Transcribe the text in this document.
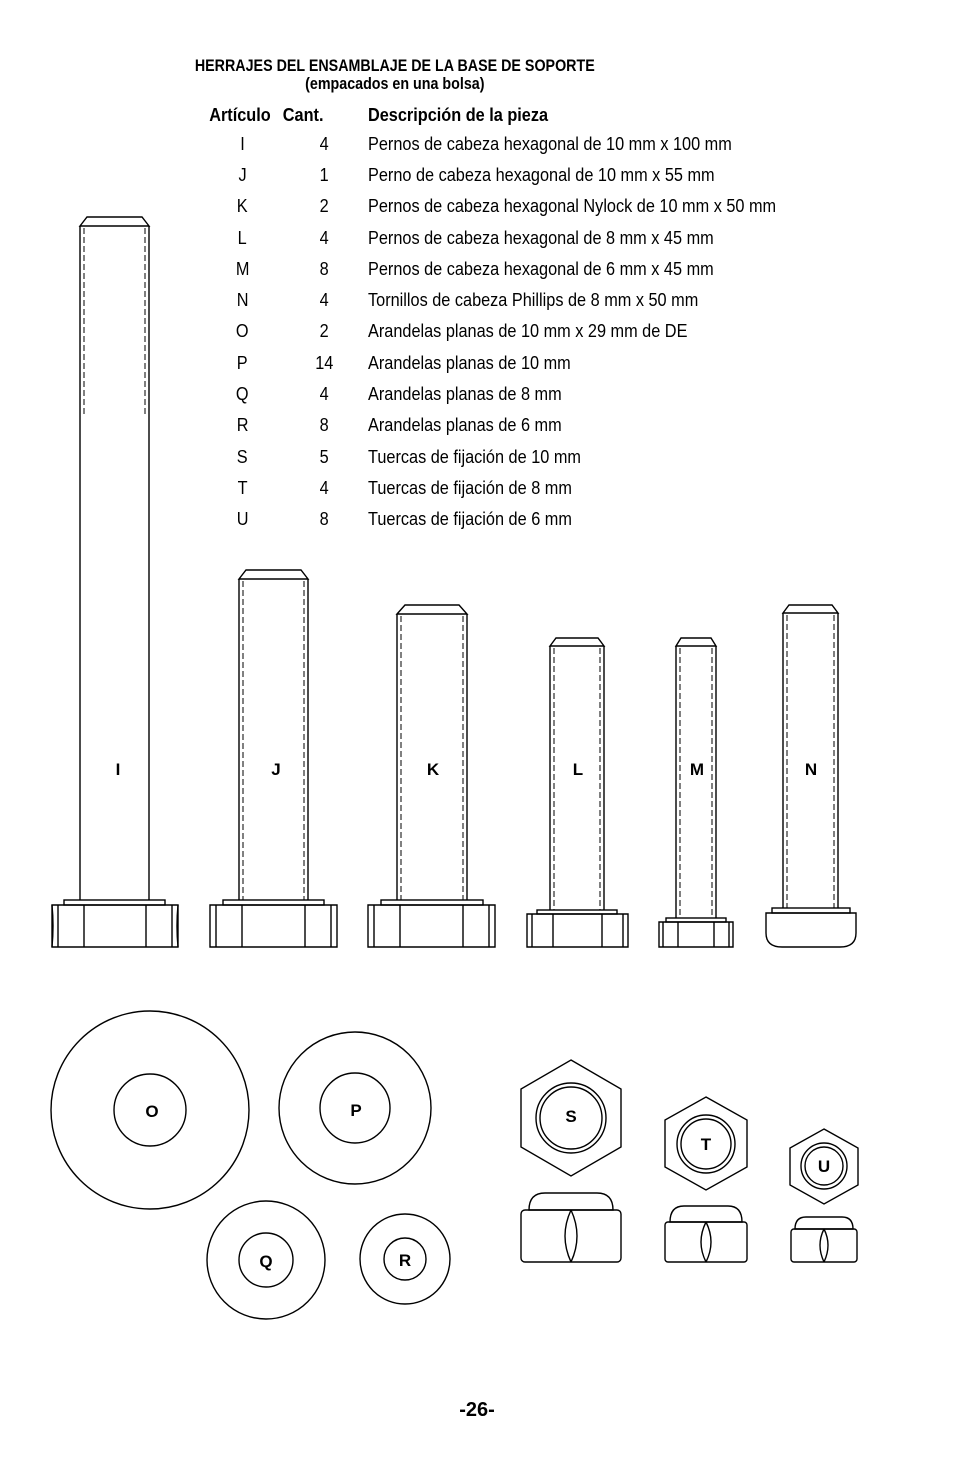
HERRAJES DEL ENSAMBLAJE DE LA BASE DE SOPORTE
(empacados en una bolsa)
Artículo	Cant.	Descripción de la pieza
I	4	Pernos de cabeza hexagonal de 10 mm x 100 mm
J	1	Perno de cabeza hexagonal de 10 mm x 55 mm
K	2	Pernos de cabeza hexagonal Nylock de 10 mm x 50 mm
L	4	Pernos de cabeza hexagonal de 8 mm x 45 mm
M	8	Pernos de cabeza hexagonal de 6 mm x 45 mm
N	4	Tornillos de cabeza Phillips de 8 mm x 50 mm
O	2	Arandelas planas de 10 mm x 29 mm de DE
P	14	Arandelas planas de 10 mm
Q	4	Arandelas planas de 8 mm
R	8	Arandelas planas de 6 mm
S	5	Tuercas de fijación de 10 mm
T	4	Tuercas de fijación de 8 mm
U	8	Tuercas de fijación de 6 mm
I	J	K	L	M	N
O	P
Q	R
S
T
U
-26-
